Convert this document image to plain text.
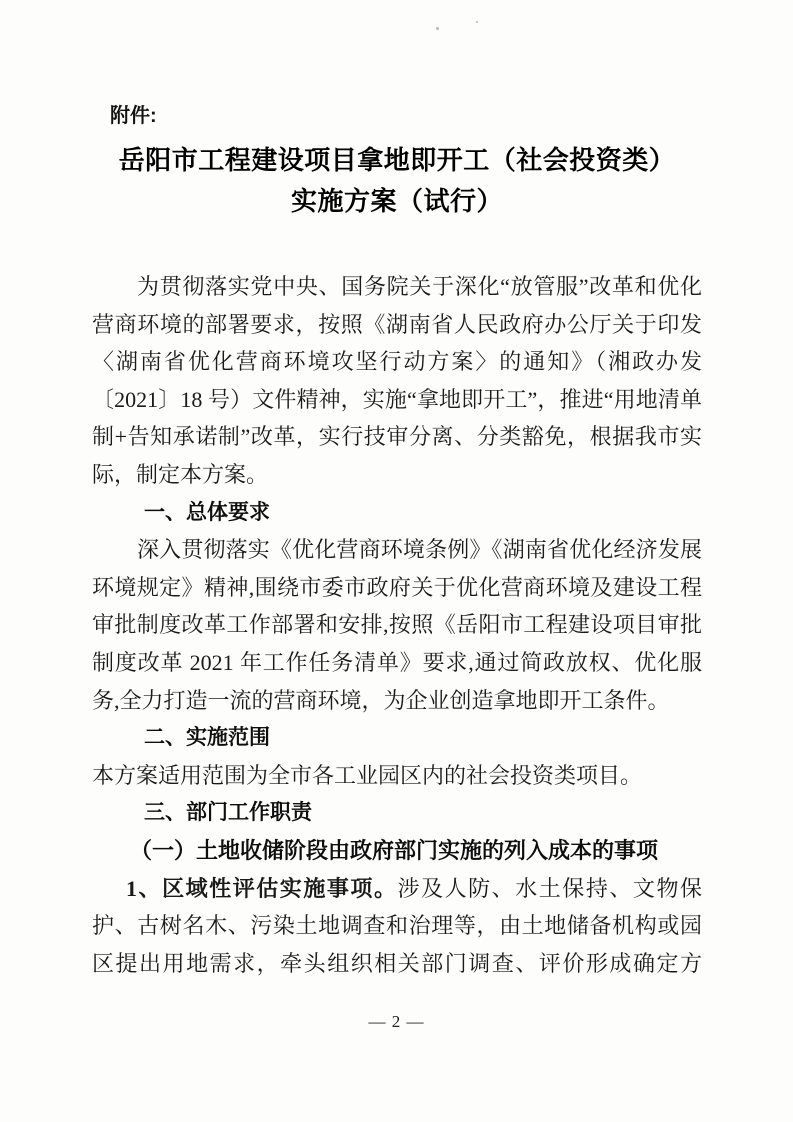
附件:
岳阳市工程建设项目拿地即开工（社会投资类）
实施方案（试行）
为贯彻落实党中央、国务院关于深化“放管服”改革和优化
营商环境的部署要求，按照《湖南省人民政府办公厅关于印发
〈湖南省优化营商环境攻坚行动方案〉的通知》（湘政办发
〔2021〕18 号）文件精神，实施“拿地即开工”，推进“用地清单
制+告知承诺制”改革，实行技审分离、分类豁免，根据我市实
际，制定本方案。
一、总体要求
深入贯彻落实《优化营商环境条例》《湖南省优化经济发展
环境规定》精神,围绕市委市政府关于优化营商环境及建设工程
审批制度改革工作部署和安排,按照《岳阳市工程建设项目审批
制度改革 2021 年工作任务清单》要求,通过简政放权、优化服
务,全力打造一流的营商环境，为企业创造拿地即开工条件。
二、实施范围
本方案适用范围为全市各工业园区内的社会投资类项目。
三、部门工作职责
（一）土地收储阶段由政府部门实施的列入成本的事项
1、区域性评估实施事项。涉及人防、水土保持、文物保
护、古树名木、污染土地调查和治理等，由土地储备机构或园
区提出用地需求，牵头组织相关部门调查、评价形成确定方
— 2 —
